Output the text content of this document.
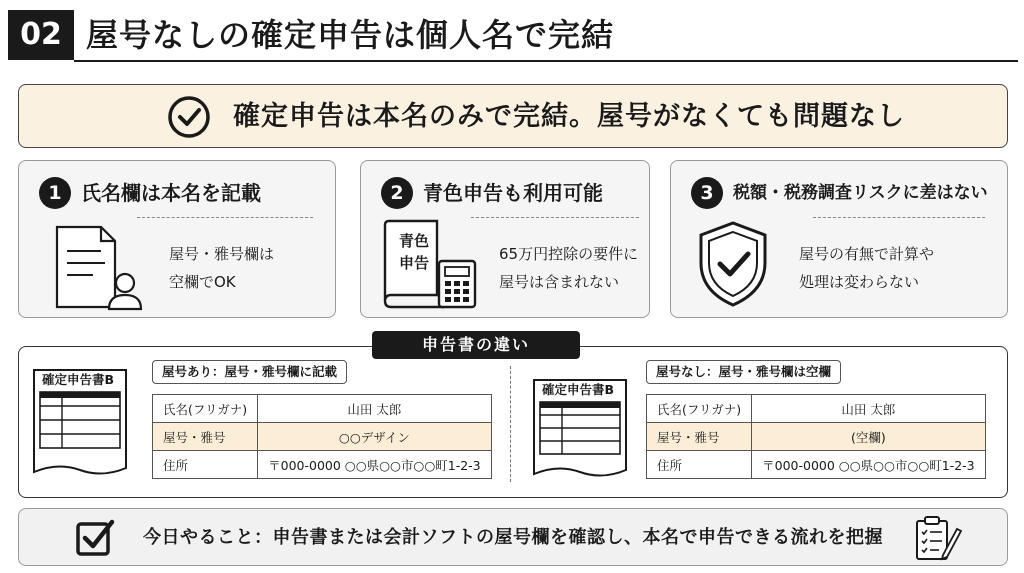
02 屋号なしの確定申告は個人名で完結
確定申告は本名のみで完結。屋号がなくても問題なし
1 氏名欄は本名を記載
屋号・雅号欄は
空欄でOK
2 青色申告も利用可能
青色
申告	65万円控除の要件に
屋号は含まれない
3	税額・税務調査リスクに差はない
屋号の有無で計算や
処理は変わらない
申告書の違い
確定申告書B
屋号あり：屋号・雅号欄に記載
氏名(フリガナ)	山田 太郎
屋号・雅号	○○デザイン
住所	〒000-0000 ○○県○○市○○町1-2-3
確定申告書B
屋号なし：屋号・雅号欄は空欄
氏名(フリガナ)	山田 太郎
屋号・雅号	(空欄)
住所	〒000-0000 ○○県○○市○○町1-2-3
今日やること：申告書または会計ソフトの屋号欄を確認し、本名で申告できる流れを把握
